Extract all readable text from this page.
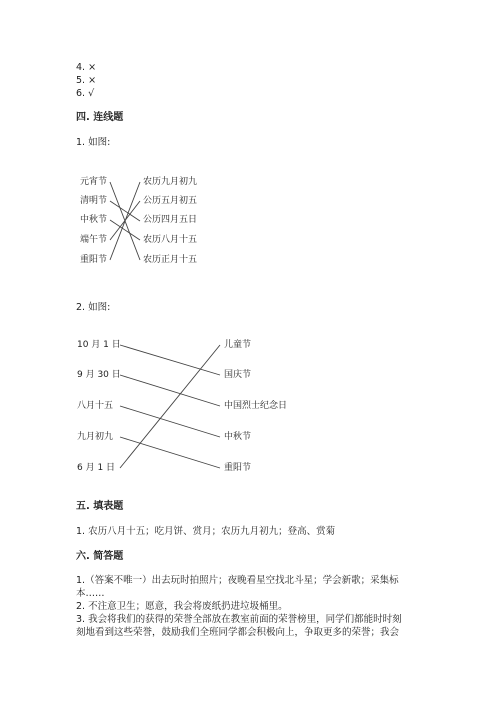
4. ×
5. ×
6. √
四. 连线题
1. 如图:
元宵节
清明节
中秋节
端午节
重阳节
农历九月初九
公历五月初五
公历四月五日
农历八月十五
农历正月十五
2. 如图:
10 月 1 日
9 月 30 日
八月十五
九月初九
6 月 1 日
儿童节
国庆节
中国烈士纪念日
中秋节
重阳节
五. 填表题
1. 农历八月十五；吃月饼、赏月；农历九月初九；登高、赏菊
六. 简答题
1.（答案不唯一）出去玩时拍照片；夜晚看星空找北斗星；学会新歌；采集标
本……
2. 不注意卫生；愿意，我会将废纸扔进垃圾桶里。
3. 我会将我们的获得的荣誉全部放在教室前面的荣誉榜里，同学们都能时时刻
刻地看到这些荣誉，鼓励我们全班同学都会积极向上，争取更多的荣誉；我会
